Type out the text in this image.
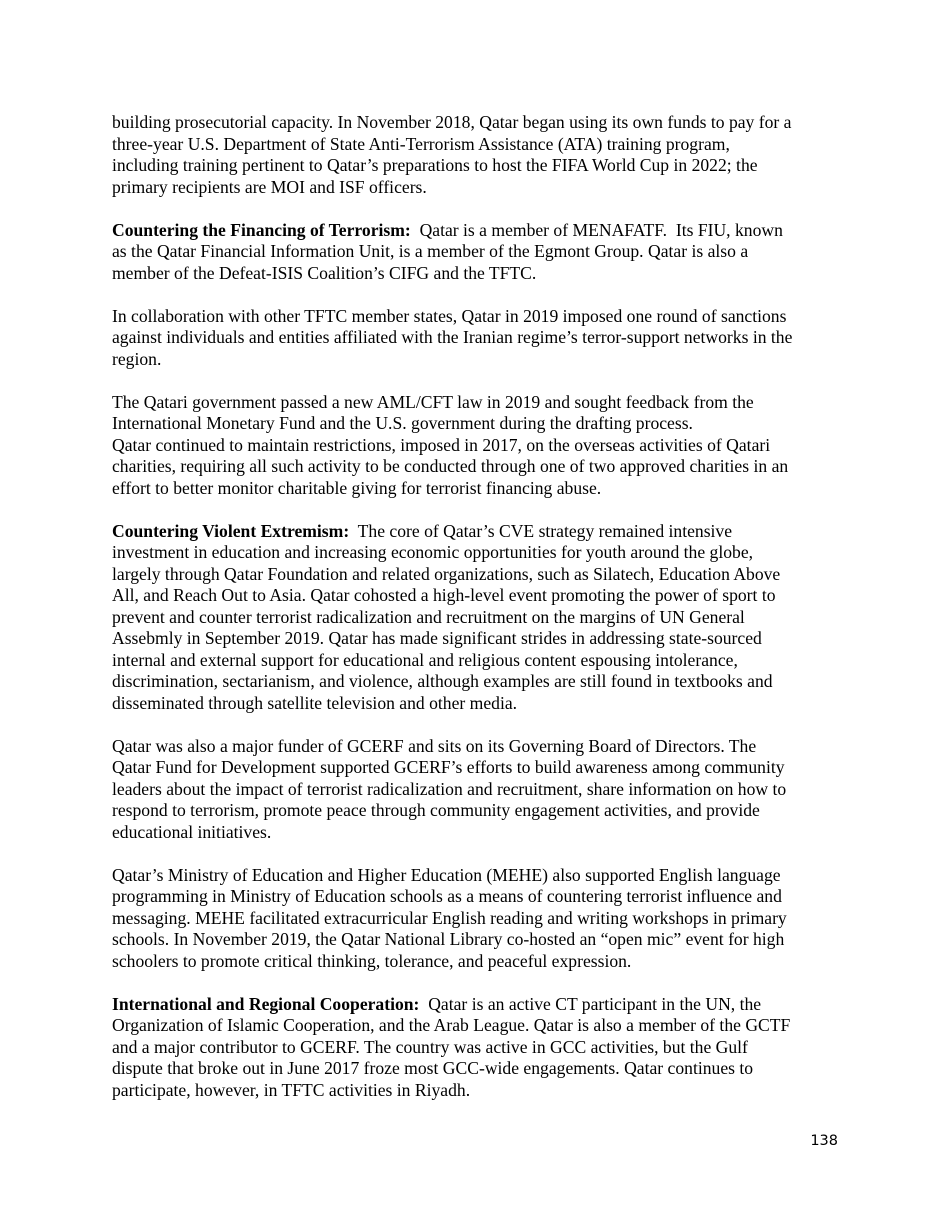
building prosecutorial capacity. In November 2018, Qatar began using its own funds to pay for a
three-year U.S. Department of State Anti-Terrorism Assistance (ATA) training program,
including training pertinent to Qatar’s preparations to host the FIFA World Cup in 2022; the
primary recipients are MOI and ISF officers.

Countering the Financing of Terrorism:  Qatar is a member of MENAFATF.  Its FIU, known
as the Qatar Financial Information Unit, is a member of the Egmont Group. Qatar is also a
member of the Defeat-ISIS Coalition’s CIFG and the TFTC.

In collaboration with other TFTC member states, Qatar in 2019 imposed one round of sanctions
against individuals and entities affiliated with the Iranian regime’s terror-support networks in the
region.

The Qatari government passed a new AML/CFT law in 2019 and sought feedback from the
International Monetary Fund and the U.S. government during the drafting process.
Qatar continued to maintain restrictions, imposed in 2017, on the overseas activities of Qatari
charities, requiring all such activity to be conducted through one of two approved charities in an
effort to better monitor charitable giving for terrorist financing abuse.

Countering Violent Extremism:  The core of Qatar’s CVE strategy remained intensive
investment in education and increasing economic opportunities for youth around the globe,
largely through Qatar Foundation and related organizations, such as Silatech, Education Above
All, and Reach Out to Asia. Qatar cohosted a high-level event promoting the power of sport to
prevent and counter terrorist radicalization and recruitment on the margins of UN General
Assebmly in September 2019. Qatar has made significant strides in addressing state-sourced
internal and external support for educational and religious content espousing intolerance,
discrimination, sectarianism, and violence, although examples are still found in textbooks and
disseminated through satellite television and other media.

Qatar was also a major funder of GCERF and sits on its Governing Board of Directors. The
Qatar Fund for Development supported GCERF’s efforts to build awareness among community
leaders about the impact of terrorist radicalization and recruitment, share information on how to
respond to terrorism, promote peace through community engagement activities, and provide
educational initiatives.

Qatar’s Ministry of Education and Higher Education (MEHE) also supported English language
programming in Ministry of Education schools as a means of countering terrorist influence and
messaging. MEHE facilitated extracurricular English reading and writing workshops in primary
schools. In November 2019, the Qatar National Library co-hosted an “open mic” event for high
schoolers to promote critical thinking, tolerance, and peaceful expression.

International and Regional Cooperation:  Qatar is an active CT participant in the UN, the
Organization of Islamic Cooperation, and the Arab League. Qatar is also a member of the GCTF
and a major contributor to GCERF. The country was active in GCC activities, but the Gulf
dispute that broke out in June 2017 froze most GCC-wide engagements. Qatar continues to
participate, however, in TFTC activities in Riyadh.

138
